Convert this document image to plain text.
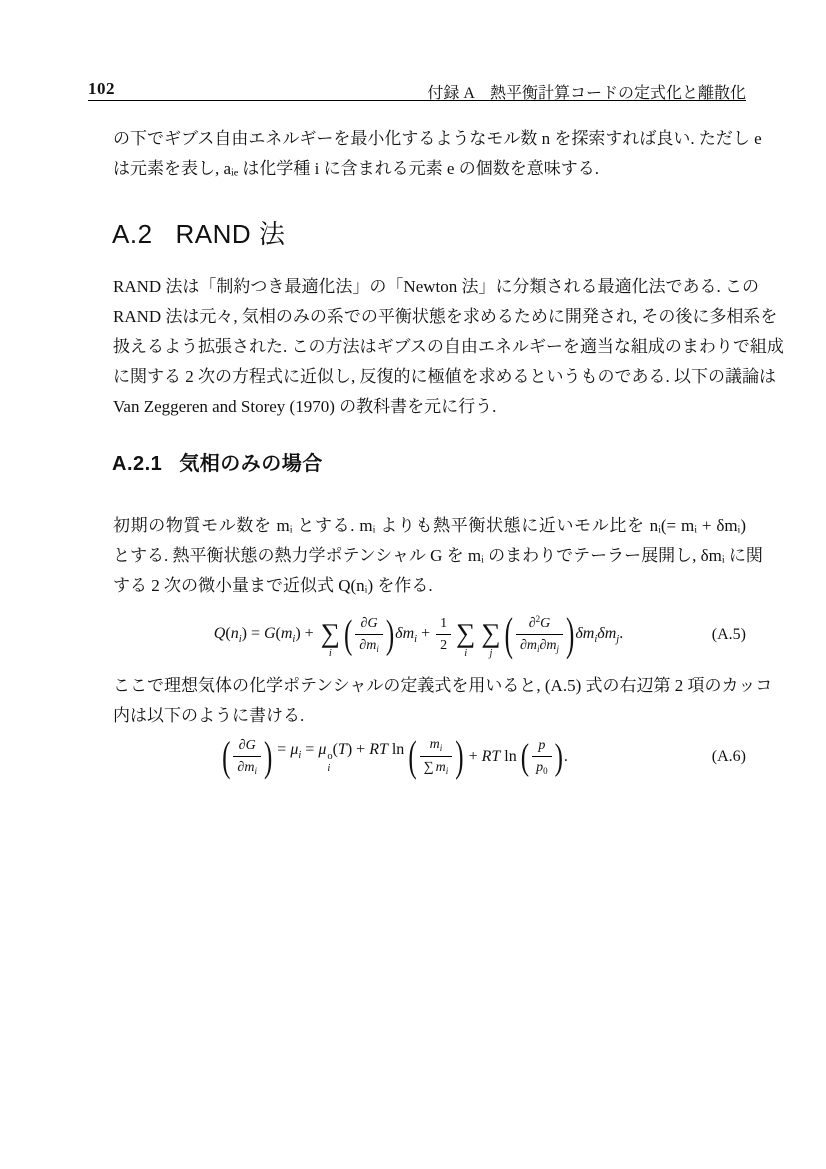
102	付録 A　熱平衡計算コードの定式化と離散化
の下でギブス自由エネルギーを最小化するようなモル数 n を探索すれば良い. ただし e
は元素を表し, aᵢₑ は化学種 i に含まれる元素 e の個数を意味する.
A.2 RAND 法
RAND 法は「制約つき最適化法」の「Newton 法」に分類される最適化法である. この
RAND 法は元々, 気相のみの系での平衡状態を求めるために開発され, その後に多相系を
扱えるよう拡張された. この方法はギブスの自由エネルギーを適当な組成のまわりで組成
に関する 2 次の方程式に近似し, 反復的に極値を求めるというものである. 以下の議論は
Van Zeggeren and Storey (1970) の教科書を元に行う.
A.2.1 気相のみの場合
初期の物質モル数を mᵢ とする. mᵢ よりも熱平衡状態に近いモル比を nᵢ(= mᵢ + δmᵢ)
とする. 熱平衡状態の熱力学ポテンシャル G を mᵢ のまわりでテーラー展開し, δmᵢ に関
する 2 次の微小量まで近似式 Q(nᵢ) を作る.
$Q(n_i) = G(m_i)$ + ∑
i ( ∂G
$\partial m_i$ ) $\delta m_i$ +
1
2 ∑
i
∑
j ( ∂$^2$G
$\partial m_i\partial m_j$ ) $\delta m_i\delta m_j$.	(A.5)
ここで理想気体の化学ポテンシャルの定義式を用いると, (A.5) 式の右辺第 2 項のカッコ
内は以下のように書ける.
( ∂G
$\partial m_i$ ) = $\mu_i = \mu$ o
i
(T) + RT ln ( $m_i$
∑ $m_i$ ) + RT ln ( p
$p_0$ ) .	(A.6)
